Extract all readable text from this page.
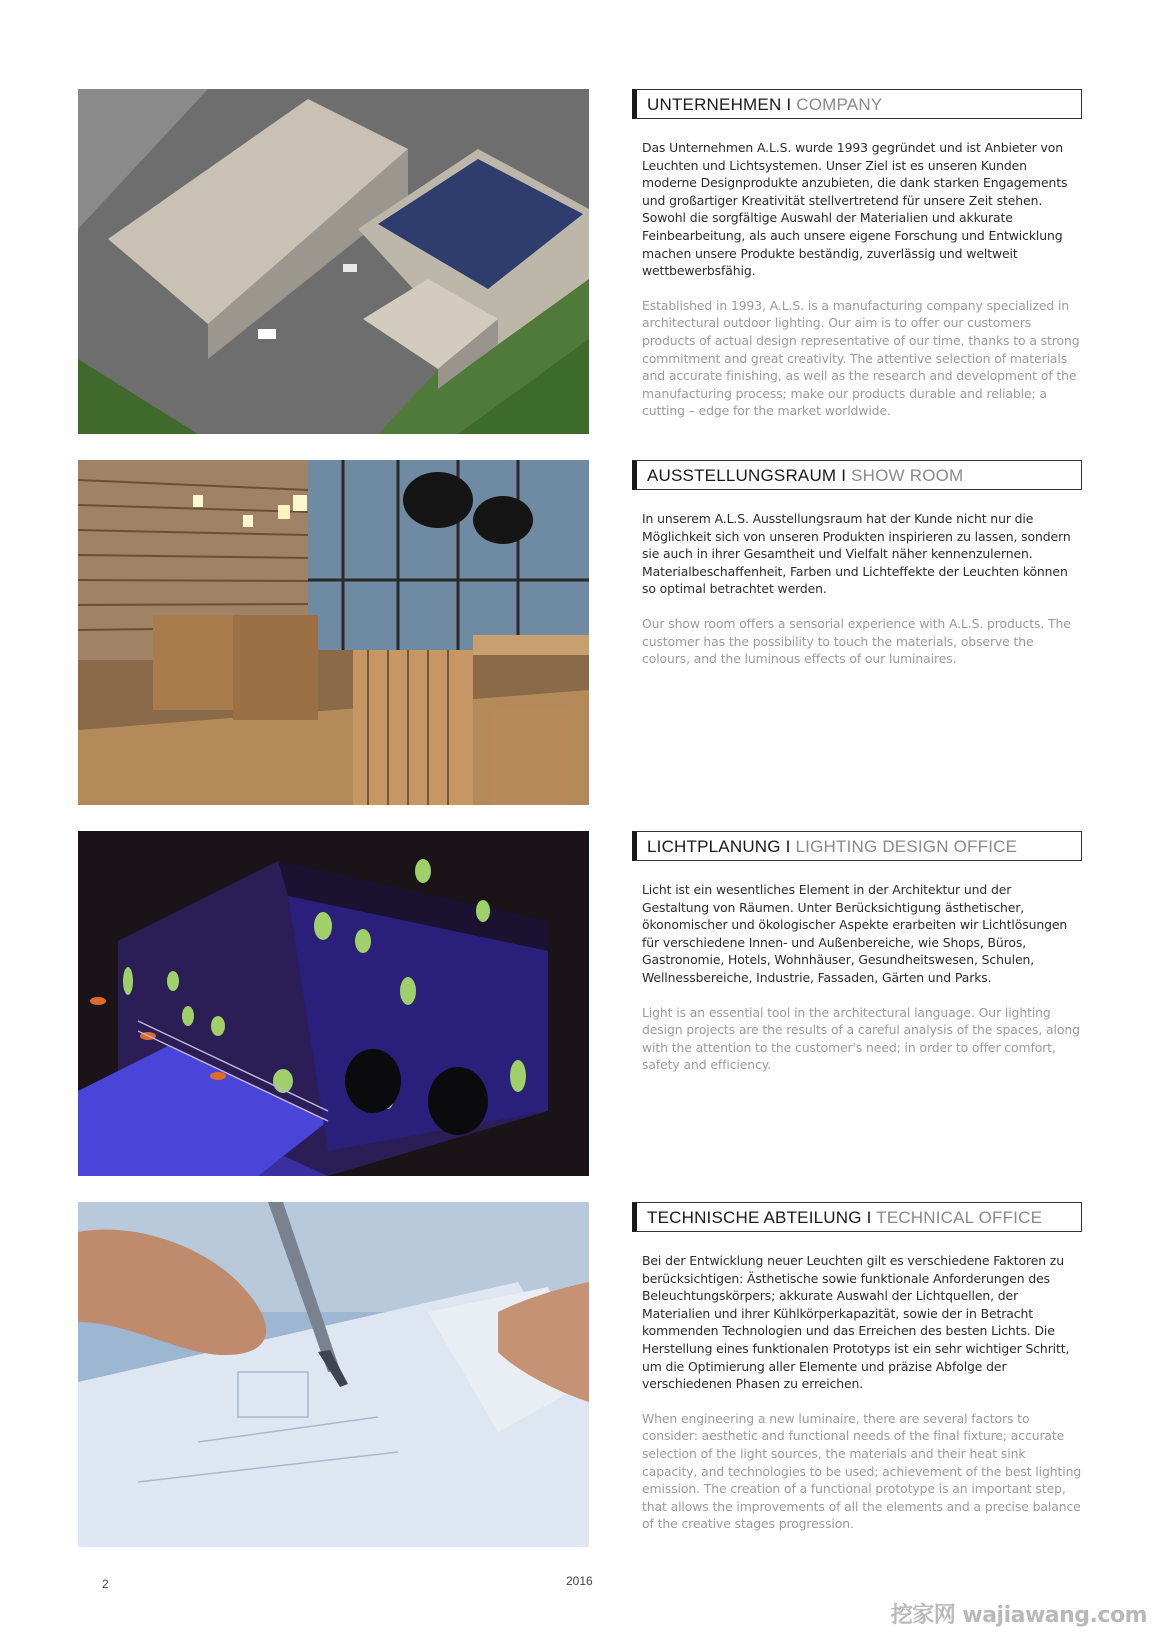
UNTERNEHMEN I COMPANY

Das Unternehmen A.L.S. wurde 1993 gegründet und ist Anbieter von Leuchten und Lichtsystemen. Unser Ziel ist es unseren Kunden moderne Designprodukte anzubieten, die dank starken Engagements und großartiger Kreativität stellvertretend für unsere Zeit stehen. Sowohl die sorgfältige Auswahl der Materialien und akkurate Feinbearbeitung, als auch unsere eigene Forschung und Entwicklung machen unsere Produkte beständig, zuverlässig und weltweit wettbewerbsfähig.

Established in 1993, A.L.S. is a manufacturing company specialized in architectural outdoor lighting. Our aim is to offer our customers products of actual design representative of our time, thanks to a strong commitment and great creativity. The attentive selection of materials and accurate finishing, as well as the research and development of the manufacturing process; make our products durable and reliable; a cutting – edge for the market worldwide.

AUSSTELLUNGSRAUM I SHOW ROOM

In unserem A.L.S. Ausstellungsraum hat der Kunde nicht nur die Möglichkeit sich von unseren Produkten inspirieren zu lassen, sondern sie auch in ihrer Gesamtheit und Vielfalt näher kennenzulernen. Materialbeschaffenheit, Farben und Lichteffekte der Leuchten können so optimal betrachtet werden.

Our show room offers a sensorial experience with A.L.S. products. The customer has the possibility to touch the materials, observe the colours, and the luminous effects of our luminaires.

LICHTPLANUNG I LIGHTING DESIGN OFFICE

Licht ist ein wesentliches Element in der Architektur und der Gestaltung von Räumen. Unter Berücksichtigung ästhetischer, ökonomischer und ökologischer Aspekte erarbeiten wir Lichtlösungen für verschiedene Innen- und Außenbereiche, wie Shops, Büros, Gastronomie, Hotels, Wohnhäuser, Gesundheitswesen, Schulen, Wellnessbereiche, Industrie, Fassaden, Gärten und Parks.

Light is an essential tool in the architectural language. Our lighting design projects are the results of a careful analysis of the spaces, along with the attention to the customer's need; in order to offer comfort, safety and efficiency.

TECHNISCHE ABTEILUNG I TECHNICAL OFFICE

Bei der Entwicklung neuer Leuchten gilt es verschiedene Faktoren zu berücksichtigen: Ästhetische sowie funktionale Anforderungen des Beleuchtungskörpers; akkurate Auswahl der Lichtquellen, der Materialien und ihrer Kühlkörperkapazität, sowie der in Betracht kommenden Technologien und das Erreichen des besten Lichts. Die Herstellung eines funktionalen Prototyps ist ein sehr wichtiger Schritt, um die Optimierung aller Elemente und präzise Abfolge der verschiedenen Phasen zu erreichen.

When engineering a new luminaire, there are several factors to consider: aesthetic and functional needs of the final fixture; accurate selection of the light sources, the materials and their heat sink capacity, and technologies to be used; achievement of the best lighting emission. The creation of a functional prototype is an important step, that allows the improvements of all the elements and a precise balance of the creative stages progression.

2	2016
挖家网 wajiawang.com
